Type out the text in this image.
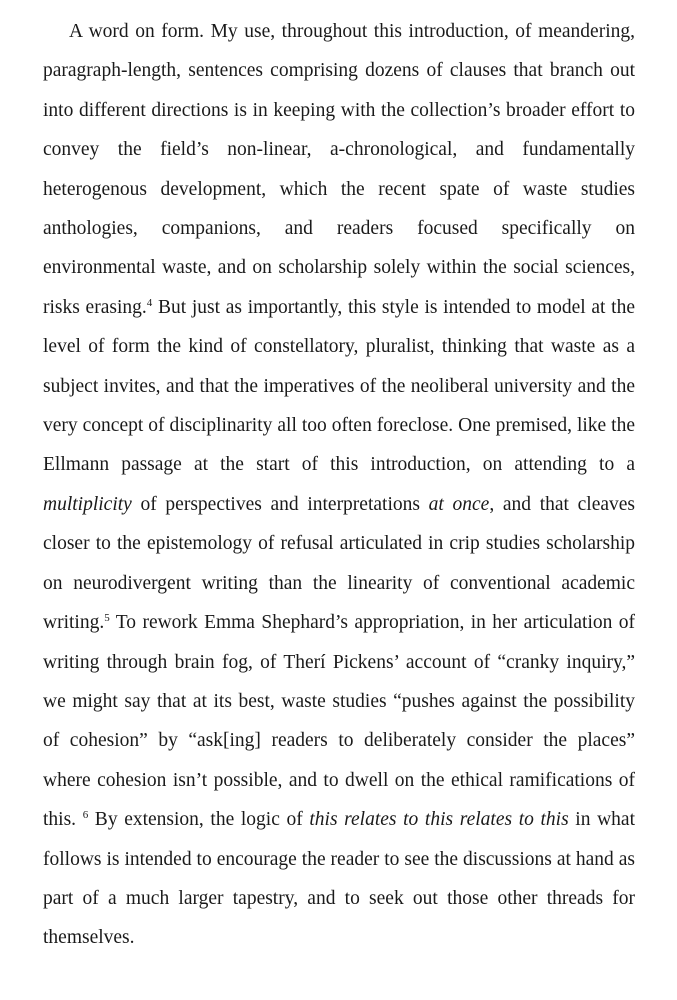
A word on form. My use, throughout this introduction, of meandering, paragraph-length, sentences comprising dozens of clauses that branch out into different directions is in keeping with the collection’s broader effort to convey the field’s non-linear, a-chronological, and fundamentally heterogenous development, which the recent spate of waste studies anthologies, companions, and readers focused specifically on environmental waste, and on scholarship solely within the social sciences, risks erasing.$^4$ But just as importantly, this style is intended to model at the level of form the kind of constellatory, pluralist, thinking that waste as a subject invites, and that the imperatives of the neoliberal university and the very concept of disciplinarity all too often foreclose. One premised, like the Ellmann passage at the start of this introduction, on attending to a multiplicity of perspectives and interpretations at once, and that cleaves closer to the epistemology of refusal articulated in crip studies scholarship on neurodivergent writing than the linearity of conventional academic writing.$^5$ To rework Emma Shephard’s appropriation, in her articulation of writing through brain fog, of Therí Pickens’ account of “cranky inquiry,” we might say that at its best, waste studies “pushes against the possibility of cohesion” by “ask[ing] readers to deliberately consider the places” where cohesion isn’t possible, and to dwell on the ethical ramifications of this. $^6$ By extension, the logic of this relates to this relates to this in what follows is intended to encourage the reader to see the discussions at hand as part of a much larger tapestry, and to seek out those other threads for themselves.
